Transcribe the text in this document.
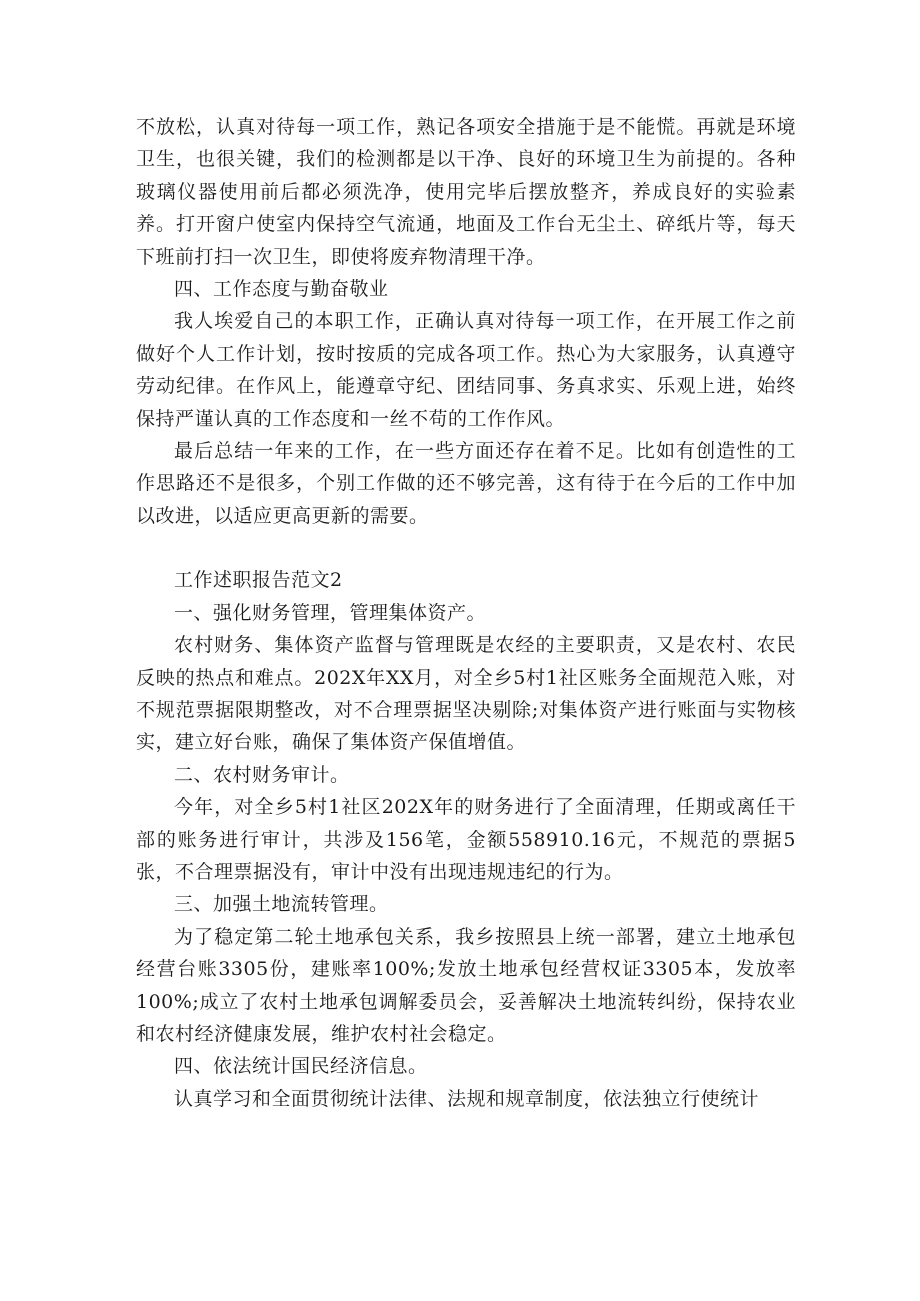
不放松，认真对待每一项工作，熟记各项安全措施于是不能慌。再就是环境卫生，也很关键，我们的检测都是以干净、良好的环境卫生为前提的。各种玻璃仪器使用前后都必须洗净，使用完毕后摆放整齐，养成良好的实验素养。打开窗户使室内保持空气流通，地面及工作台无尘土、碎纸片等，每天下班前打扫一次卫生，即使将废弃物清理干净。

四、工作态度与勤奋敬业

我人埃爱自己的本职工作，正确认真对待每一项工作，在开展工作之前做好个人工作计划，按时按质的完成各项工作。热心为大家服务，认真遵守劳动纪律。在作风上，能遵章守纪、团结同事、务真求实、乐观上进，始终保持严谨认真的工作态度和一丝不苟的工作作风。

最后总结一年来的工作，在一些方面还存在着不足。比如有创造性的工作思路还不是很多，个别工作做的还不够完善，这有待于在今后的工作中加以改进，以适应更高更新的需要。

工作述职报告范文2

一、强化财务管理，管理集体资产。

农村财务、集体资产监督与管理既是农经的主要职责，又是农村、农民反映的热点和难点。202X年XX月，对全乡5村1社区账务全面规范入账，对不规范票据限期整改，对不合理票据坚决剔除;对集体资产进行账面与实物核实，建立好台账，确保了集体资产保值增值。

二、农村财务审计。

今年，对全乡5村1社区202X年的财务进行了全面清理，任期或离任干部的账务进行审计，共涉及156笔，金额558910.16元，不规范的票据5张，不合理票据没有，审计中没有出现违规违纪的行为。

三、加强土地流转管理。

为了稳定第二轮土地承包关系，我乡按照县上统一部署，建立土地承包经营台账3305份，建账率100%;发放土地承包经营权证3305本，发放率100%;成立了农村土地承包调解委员会，妥善解决土地流转纠纷，保持农业和农村经济健康发展，维护农村社会稳定。

四、依法统计国民经济信息。

认真学习和全面贯彻统计法律、法规和规章制度，依法独立行使统计
